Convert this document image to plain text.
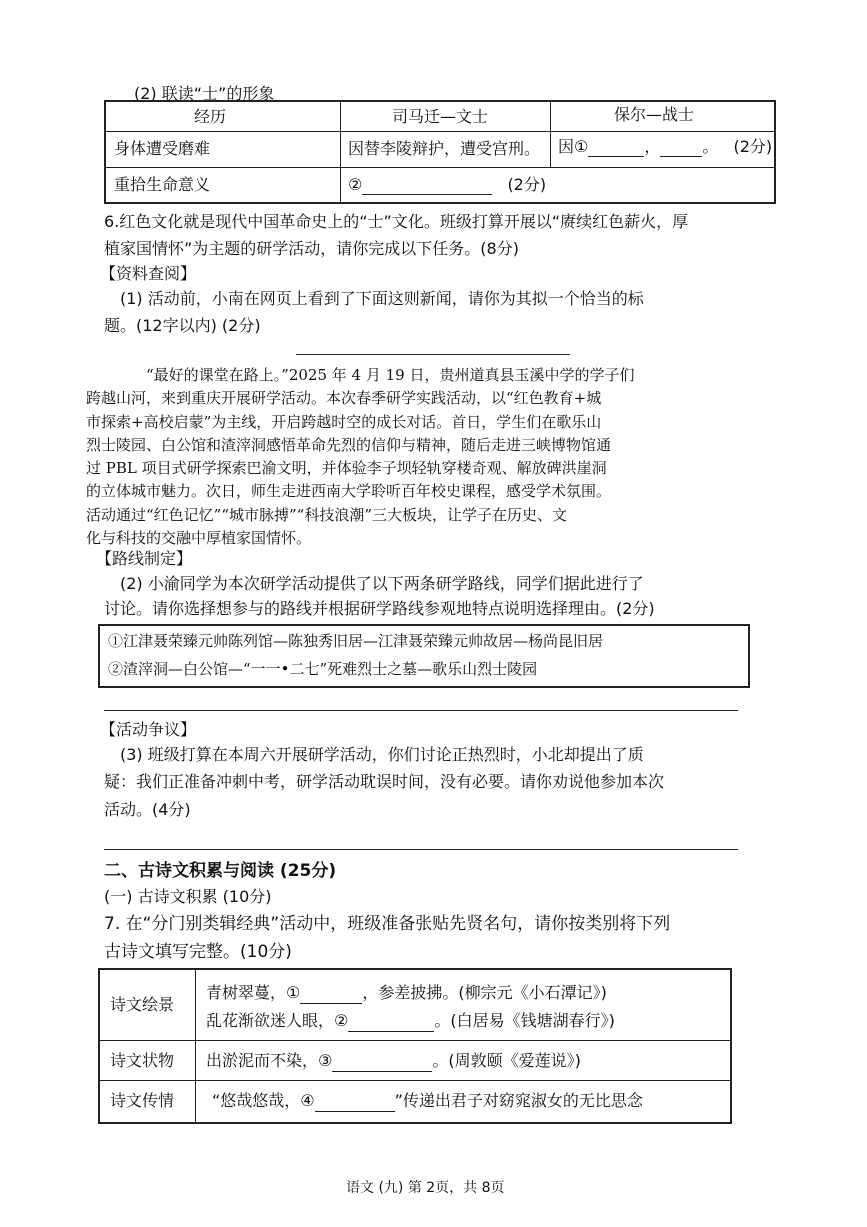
(2) 联读“士”的形象
经历	司马迁—文士	保尔—战士
身体遭受磨难	因替李陵辩护，遭受宫刑。 因①	，	。 (2分)
重拾生命意义	②	(2分)
6.红色文化就是现代中国革命史上的“士”文化。班级打算开展以“赓续红色薪火，厚
植家国情怀”为主题的研学活动，请你完成以下任务。(8分)
【资料查阅】
(1) 活动前，小南在网页上看到了下面这则新闻，请你为其拟一个恰当的标
题。(12字以内) (2分)

“最好的课堂在路上。”2025 年 4 月 19 日，贵州道真县玉溪中学的学子们

跨越山河，来到重庆开展研学活动。本次春季研学实践活动，以“红色教育+城

市探索+高校启蒙”为主线，开启跨越时空的成长对话。首日，学生们在歌乐山

烈士陵园、白公馆和渣滓洞感悟革命先烈的信仰与精神，随后走进三峡博物馆通

过 PBL 项目式研学探索巴渝文明，并体验李子坝轻轨穿楼奇观、解放碑洪崖洞

的立体城市魅力。次日，师生走进西南大学聆听百年校史课程，感受学术氛围。

活动通过“红色记忆”“城市脉搏”“科技浪潮”三大板块，让学子在历史、文

化与科技的交融中厚植家国情怀。

【路线制定】
(2) 小渝同学为本次研学活动提供了以下两条研学路线，同学们据此进行了
讨论。请你选择想参与的路线并根据研学路线参观地特点说明选择理由。(2分)
①江津聂荣臻元帅陈列馆—陈独秀旧居—江津聂荣臻元帅故居—杨尚昆旧居
②渣滓洞—白公馆—“一一•二七”死难烈士之墓—歌乐山烈士陵园
【活动争议】
(3) 班级打算在本周六开展研学活动，你们讨论正热烈时，小北却提出了质
疑：我们正准备冲刺中考，研学活动耽误时间，没有必要。请你劝说他参加本次
活动。(4分)
二、古诗文积累与阅读 (25分)
(一) 古诗文积累 (10分)
7. 在“分门别类辑经典”活动中，班级准备张贴先贤名句，请你按类别将下列
古诗文填写完整。(10分)
诗文绘景
青树翠蔓，①	，参差披拂。(柳宗元《小石潭记》)
乱花渐欲迷人眼，②	。(白居易《钱塘湖春行》)
诗文状物 出淤泥而不染，③	。(周敦颐《爱莲说》)
诗文传情 “悠哉悠哉，④	”传递出君子对窈窕淑女的无比思念
语文 (九) 第 2页，共 8页
